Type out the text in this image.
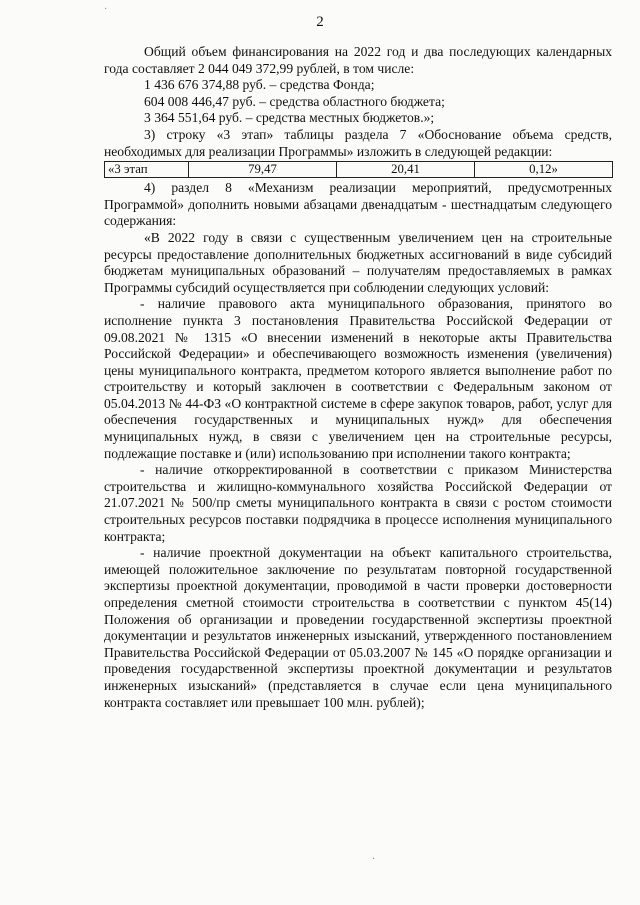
2

Общий объем финансирования на 2022 год и два последующих календарных года составляет 2 044 049 372,99 рублей, в том числе:

1 436 676 374,88 руб. – средства Фонда;

604 008 446,47 руб. – средства областного бюджета;

3 364 551,64 руб. – средства местных бюджетов.»;

3) строку «3 этап» таблицы раздела 7 «Обоснование объема средств, необходимых для реализации Программы» изложить в следующей редакции:

«3 этап	79,47	20,41	0,12»

4) раздел 8 «Механизм реализации мероприятий, предусмотренных Программой» дополнить новыми абзацами двенадцатым - шестнадцатым следующего содержания:

«В 2022 году в связи с существенным увеличением цен на строительные ресурсы предоставление дополнительных бюджетных ассигнований в виде субсидий бюджетам муниципальных образований – получателям предоставляемых в рамках Программы субсидий осуществляется при соблюдении следующих условий:

- наличие правового акта муниципального образования, принятого во исполнение пункта 3 постановления Правительства Российской Федерации от 09.08.2021 № 1315 «О внесении изменений в некоторые акты Правительства Российской Федерации» и обеспечивающего возможность изменения (увеличения) цены муниципального контракта, предметом которого является выполнение работ по строительству и который заключен в соответствии с Федеральным законом от 05.04.2013 № 44-ФЗ «О контрактной системе в сфере закупок товаров, работ, услуг для обеспечения государственных и муниципальных нужд» для обеспечения муниципальных нужд, в связи с увеличением цен на строительные ресурсы, подлежащие поставке и (или) использованию при исполнении такого контракта;

- наличие откорректированной в соответствии с приказом Министерства строительства и жилищно-коммунального хозяйства Российской Федерации от 21.07.2021 № 500/пр сметы муниципального контракта в связи с ростом стоимости строительных ресурсов поставки подрядчика в процессе исполнения муниципального контракта;

- наличие проектной документации на объект капитального строительства, имеющей положительное заключение по результатам повторной государственной экспертизы проектной документации, проводимой в части проверки достоверности определения сметной стоимости строительства в соответствии с пунктом 45(14) Положения об организации и проведении государственной экспертизы проектной документации и результатов инженерных изысканий, утвержденного постановлением Правительства Российской Федерации от 05.03.2007 № 145 «О порядке организации и проведения государственной экспертизы проектной документации и результатов инженерных изысканий» (представляется в случае если цена муниципального контракта составляет или превышает 100 млн. рублей);

·
·
